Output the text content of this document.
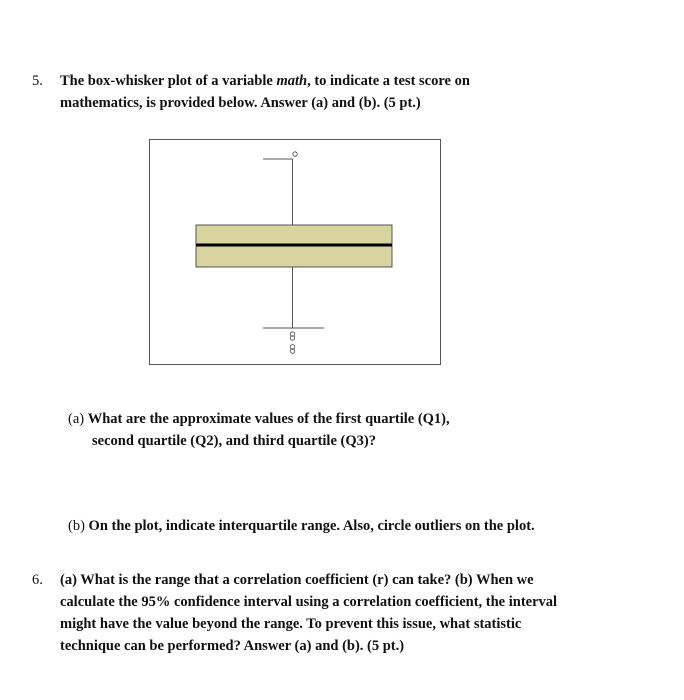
5. The box-whisker plot of a variable math, to indicate a test score on
mathematics, is provided below. Answer (a) and (b). (5 pt.)
(a) What are the approximate values of the first quartile (Q1),
second quartile (Q2), and third quartile (Q3)?
(b) On the plot, indicate interquartile range. Also, circle outliers on the plot.
6. (a) What is the range that a correlation coefficient (r) can take? (b) When we
calculate the 95% confidence interval using a correlation coefficient, the interval
might have the value beyond the range. To prevent this issue, what statistic
technique can be performed? Answer (a) and (b). (5 pt.)
